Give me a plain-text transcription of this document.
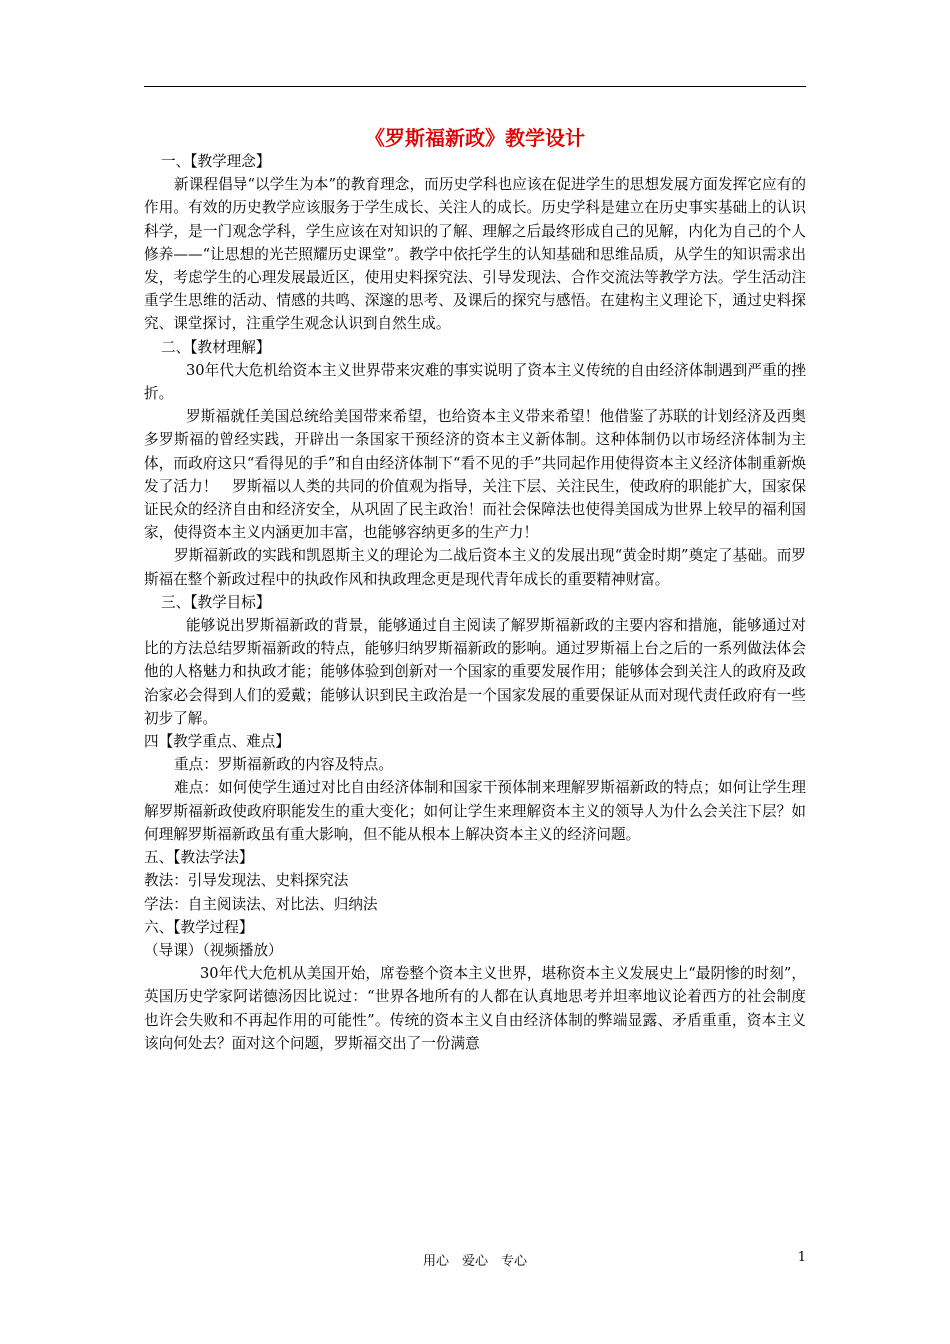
《罗斯福新政》教学设计

一、【教学理念】

新课程倡导“以学生为本”的教育理念，而历史学科也应该在促进学生的思想发展方面发挥它应有的作用。有效的历史教学应该服务于学生成长、关注人的成长。历史学科是建立在历史事实基础上的认识科学，是一门观念学科，学生应该在对知识的了解、理解之后最终形成自己的见解，内化为自己的个人修养——“让思想的光芒照耀历史课堂”。教学中依托学生的认知基础和思维品质，从学生的知识需求出发，考虑学生的心理发展最近区，使用史料探究法、引导发现法、合作交流法等教学方法。学生活动注重学生思维的活动、情感的共鸣、深邃的思考、及课后的探究与感悟。在建构主义理论下，通过史料探究、课堂探讨，注重学生观念认识到自然生成。

二、【教材理解】

30年代大危机给资本主义世界带来灾难的事实说明了资本主义传统的自由经济体制遇到严重的挫折。

罗斯福就任美国总统给美国带来希望，也给资本主义带来希望！他借鉴了苏联的计划经济及西奥多罗斯福的曾经实践，开辟出一条国家干预经济的资本主义新体制。这种体制仍以市场经济体制为主体，而政府这只“看得见的手”和自由经济体制下“看不见的手”共同起作用使得资本主义经济体制重新焕发了活力！　罗斯福以人类的共同的价值观为指导，关注下层、关注民生，使政府的职能扩大，国家保证民众的经济自由和经济安全，从巩固了民主政治！而社会保障法也使得美国成为世界上较早的福利国家，使得资本主义内涵更加丰富，也能够容纳更多的生产力！

罗斯福新政的实践和凯恩斯主义的理论为二战后资本主义的发展出现“黄金时期”奠定了基础。而罗斯福在整个新政过程中的执政作风和执政理念更是现代青年成长的重要精神财富。

三、【教学目标】

能够说出罗斯福新政的背景，能够通过自主阅读了解罗斯福新政的主要内容和措施，能够通过对比的方法总结罗斯福新政的特点，能够归纳罗斯福新政的影响。通过罗斯福上台之后的一系列做法体会他的人格魅力和执政才能；能够体验到创新对一个国家的重要发展作用；能够体会到关注人的政府及政治家必会得到人们的爱戴；能够认识到民主政治是一个国家发展的重要保证从而对现代责任政府有一些初步了解。

四【教学重点、难点】

重点：罗斯福新政的内容及特点。

难点：如何使学生通过对比自由经济体制和国家干预体制来理解罗斯福新政的特点；如何让学生理解罗斯福新政使政府职能发生的重大变化；如何让学生来理解资本主义的领导人为什么会关注下层？如何理解罗斯福新政虽有重大影响，但不能从根本上解决资本主义的经济问题。

五、【教法学法】

教法：引导发现法、史料探究法

学法：自主阅读法、对比法、归纳法

六、【教学过程】

（导课）（视频播放）

30年代大危机从美国开始，席卷整个资本主义世界，堪称资本主义发展史上“最阴惨的时刻”，英国历史学家阿诺德汤因比说过：“世界各地所有的人都在认真地思考并坦率地议论着西方的社会制度也许会失败和不再起作用的可能性”。传统的资本主义自由经济体制的弊端显露、矛盾重重，资本主义该向何处去？面对这个问题，罗斯福交出了一份满意

用心　爱心　专心	1
